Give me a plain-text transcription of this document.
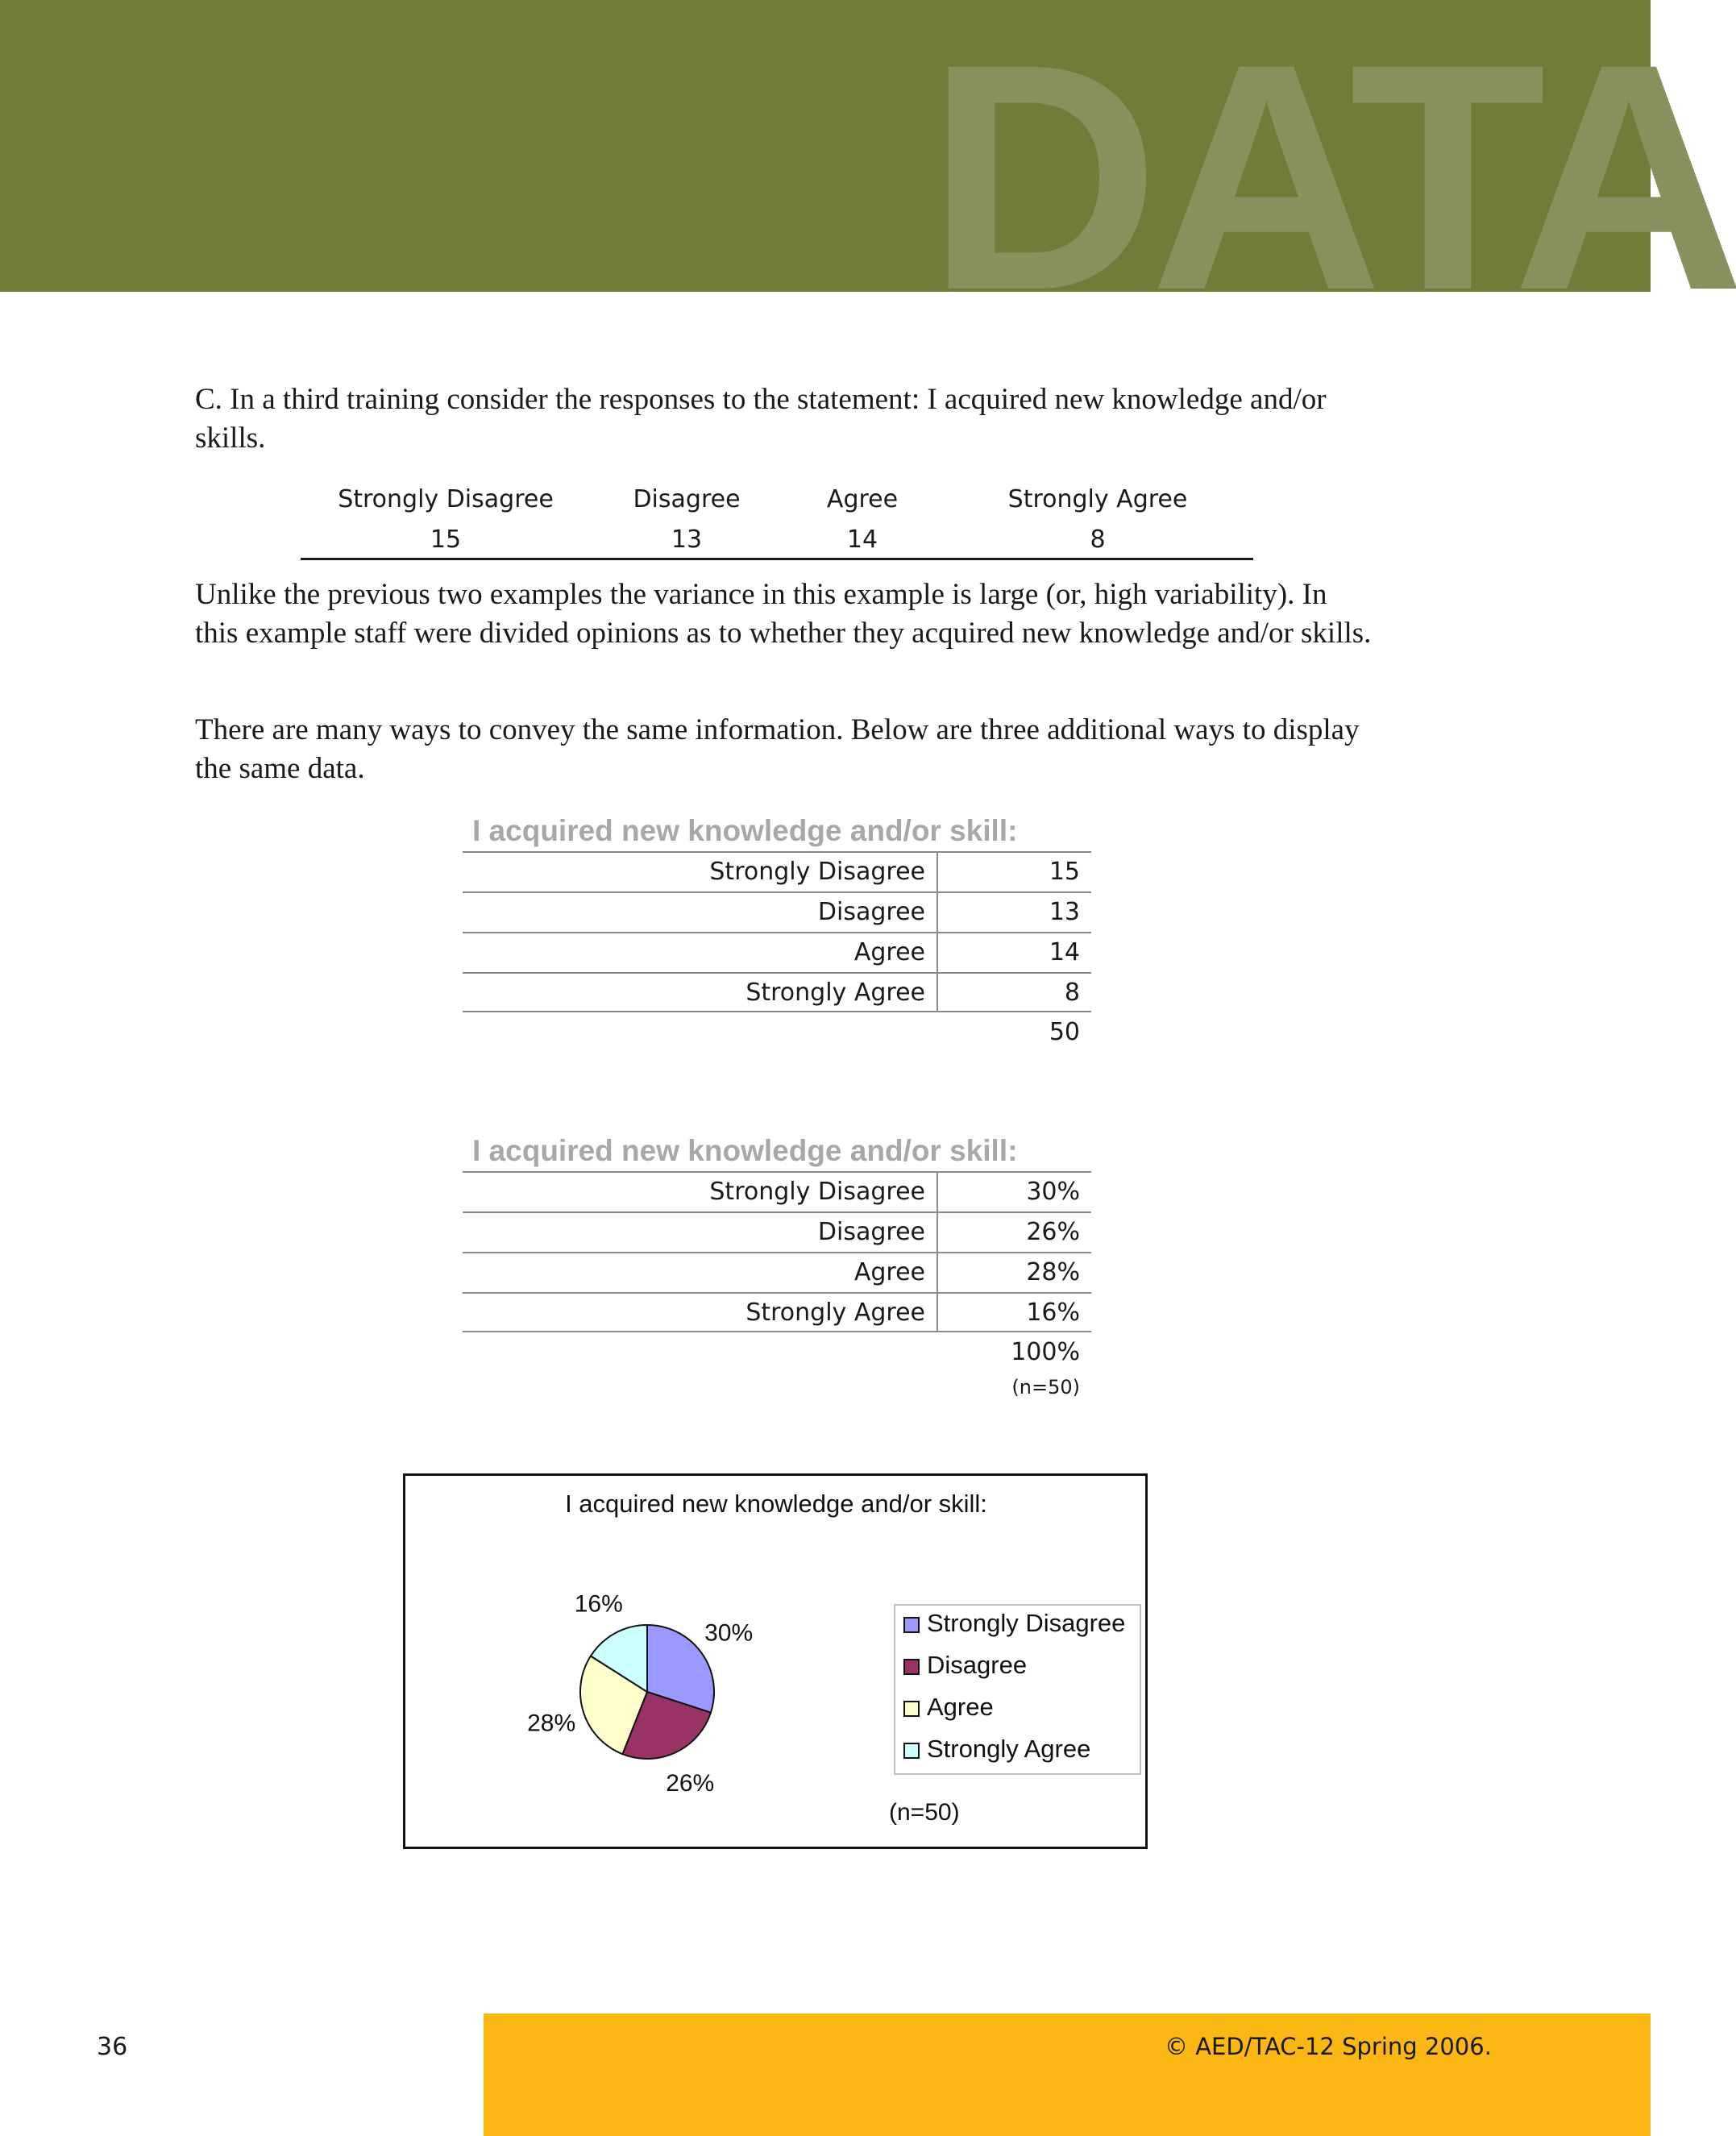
DATA

C. In a third training consider the responses to the statement: I acquired new knowledge and/or skills.

Strongly Disagree	Disagree	Agree	Strongly Agree
15	13	14	8

Unlike the previous two examples the variance in this example is large (or, high variability). In this example staff were divided opinions as to whether they acquired new knowledge and/or skills.

There are many ways to convey the same information. Below are three additional ways to display the same data.

I acquired new knowledge and/or skill:
Strongly Disagree	15
Disagree	13
Agree	14
Strongly Agree	8
50
I acquired new knowledge and/or skill:
Strongly Disagree	30%
Disagree	26%
Agree	28%
Strongly Agree	16%
100%
(n=50)
I acquired new knowledge and/or skill:
30%
26%
28%
16%
Strongly Disagree
Disagree
Agree
Strongly Agree
(n=50)
36	© AED/TAC-12 Spring 2006.
